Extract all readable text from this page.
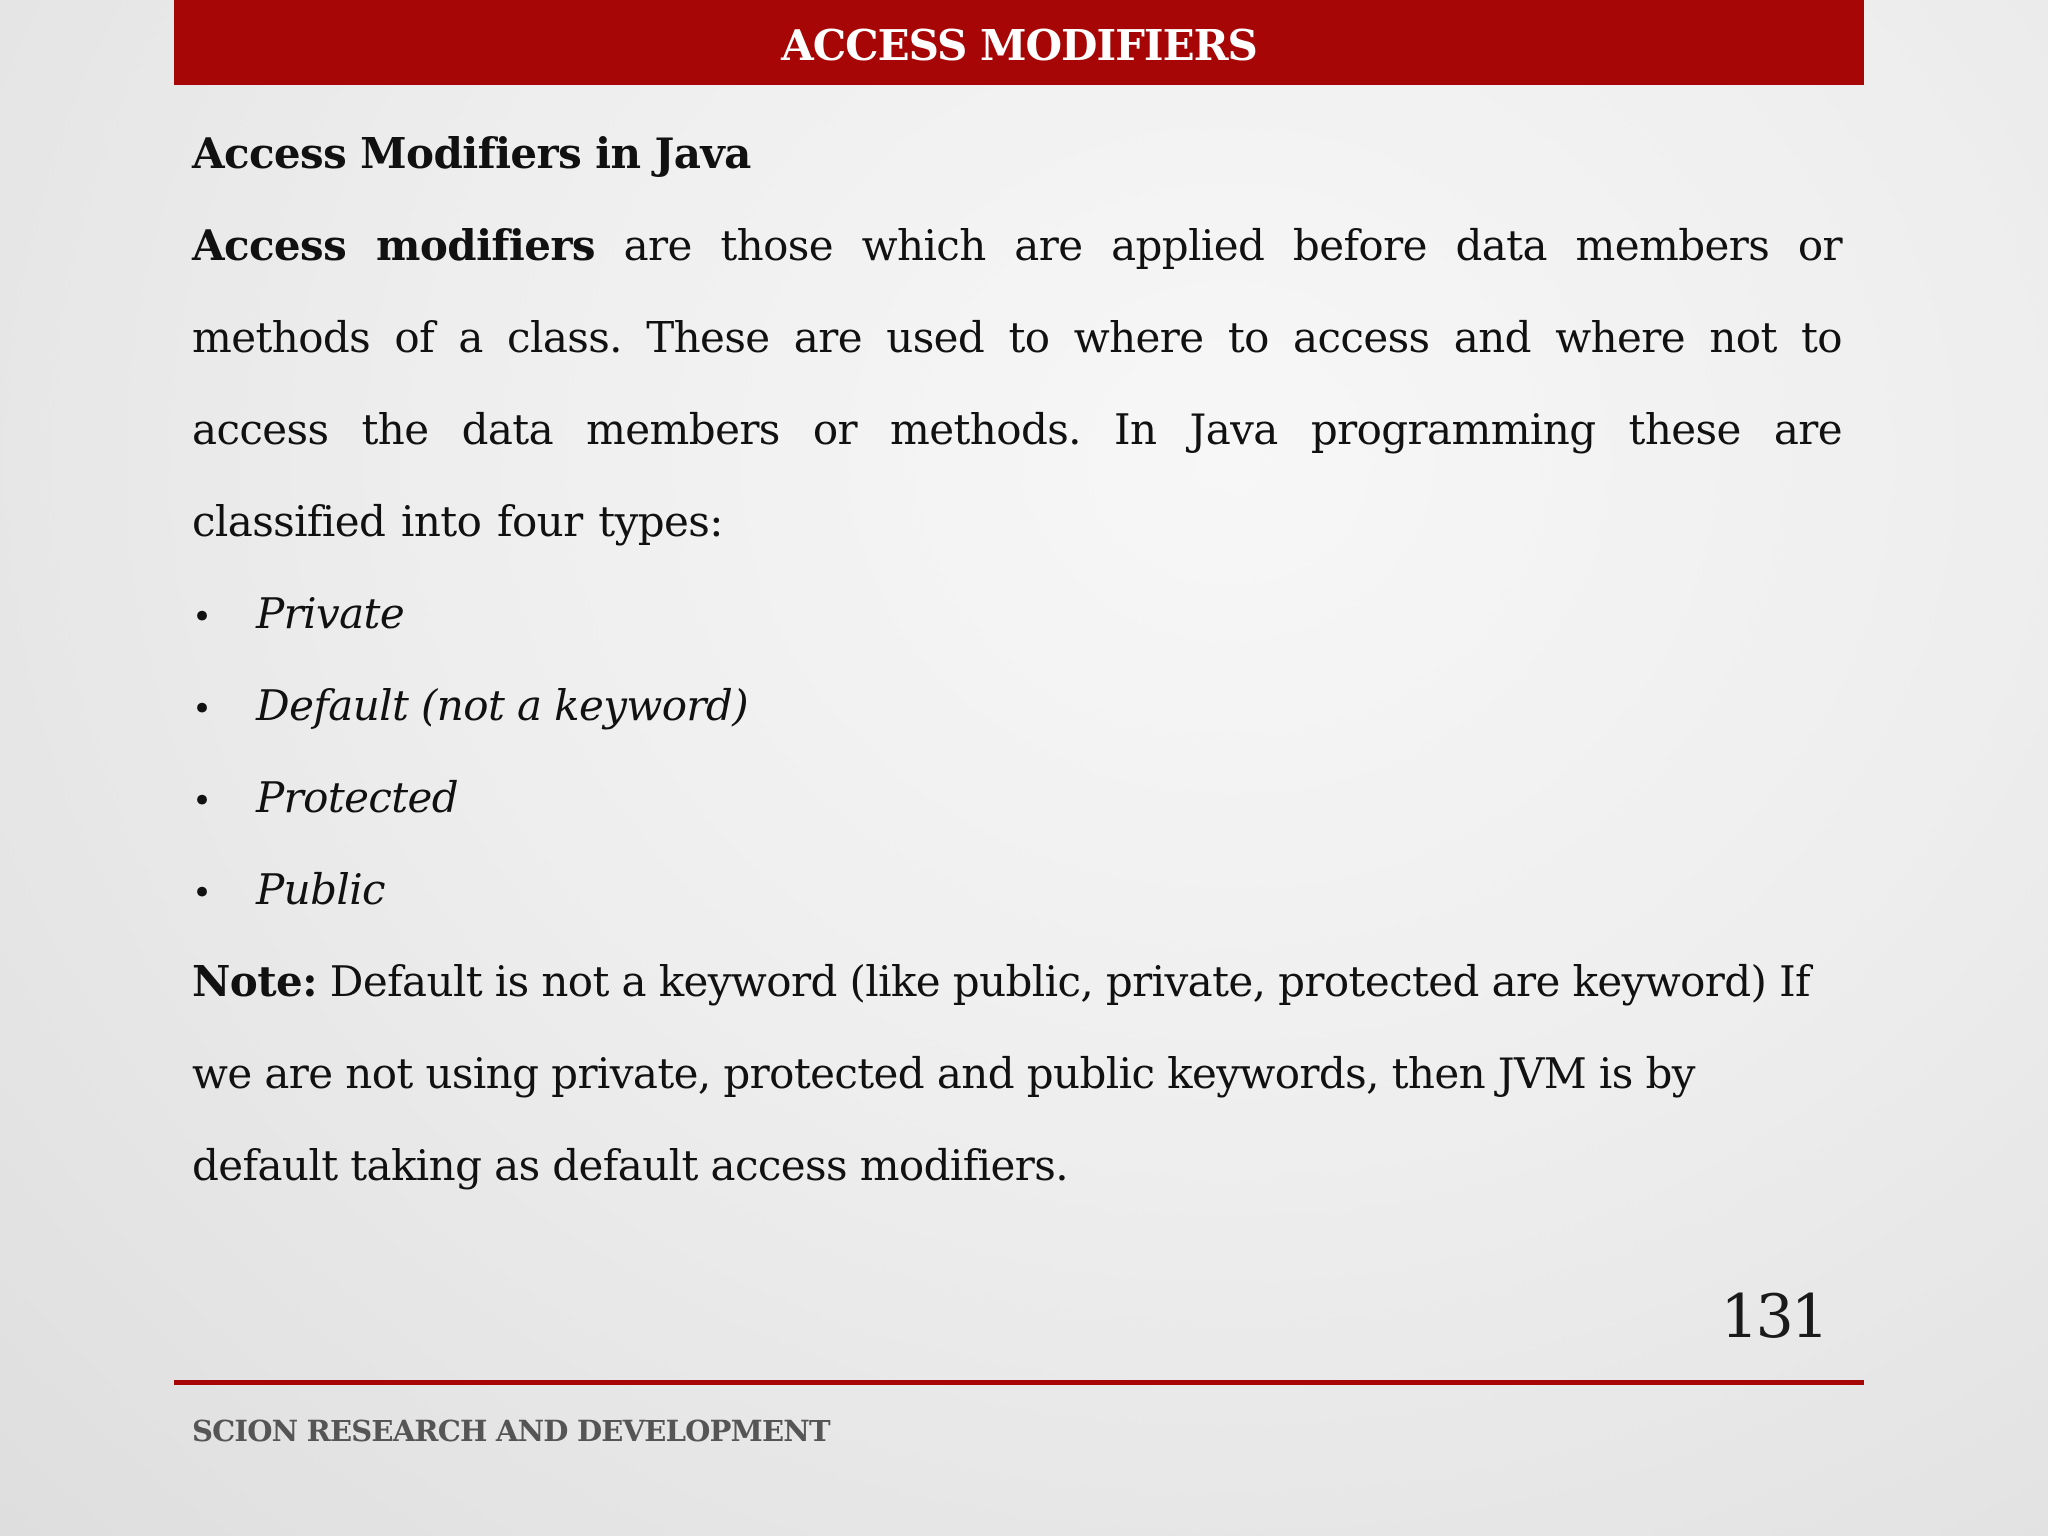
ACCESS MODIFIERS
Access Modifiers in Java
Access modifiers are those which are applied before data members or methods of a class. These are used to where to access and where not to access the data members or methods. In Java programming these are classified into four types:
•	Private
•	Default (not a keyword)
•	Protected
•	Public
Note: Default is not a keyword (like public, private, protected are keyword) If we are not using private, protected and public keywords, then JVM is by default taking as default access modifiers.
131
SCION RESEARCH AND DEVELOPMENT
